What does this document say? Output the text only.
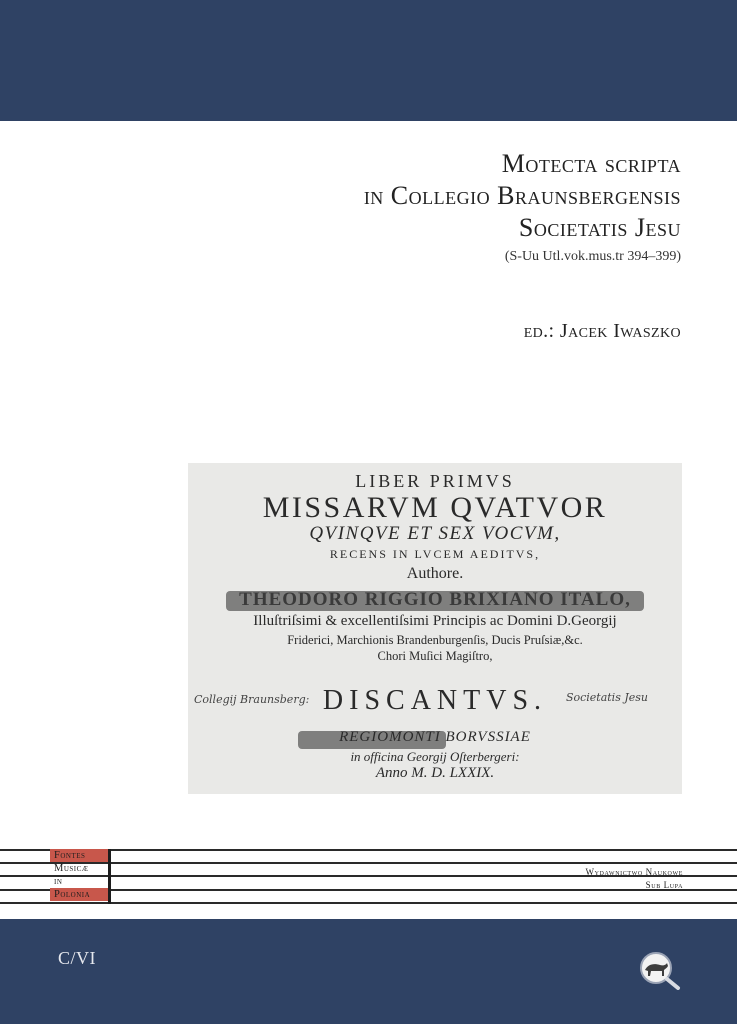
Motecta scripta
in Collegio Braunsbergensis
Societatis Jesu
(S-Uu Utl.vok.mus.tr 394–399)
ed.: Jacek Iwaszko
LIBER PRIMVS
MISSARVM QVATVOR
QVINQVE ET SEX VOCVM,
RECENS IN LVCEM AEDITVS,
Authore.
THEODORO RIGGIO BRIXIANO ITALO,
Illuſtriſsimi & excellentiſsimi Principis ac Domini D.Georgij
Friderici, Marchionis Brandenburgenſis, Ducis Pruſsiæ,&c.
Chori Muſici Magiſtro,
Collegij Braunsberg: DISCANTVS.	Societatis Jesu
REGIOMONTI BORVSSIAE
in officina Georgij Oſterbergeri:
Anno M. D. LXXIX.
Fontes
Musicæ
in
Polonia
Wydawnictwo Naukowe
Sub Lupa
C/VI
